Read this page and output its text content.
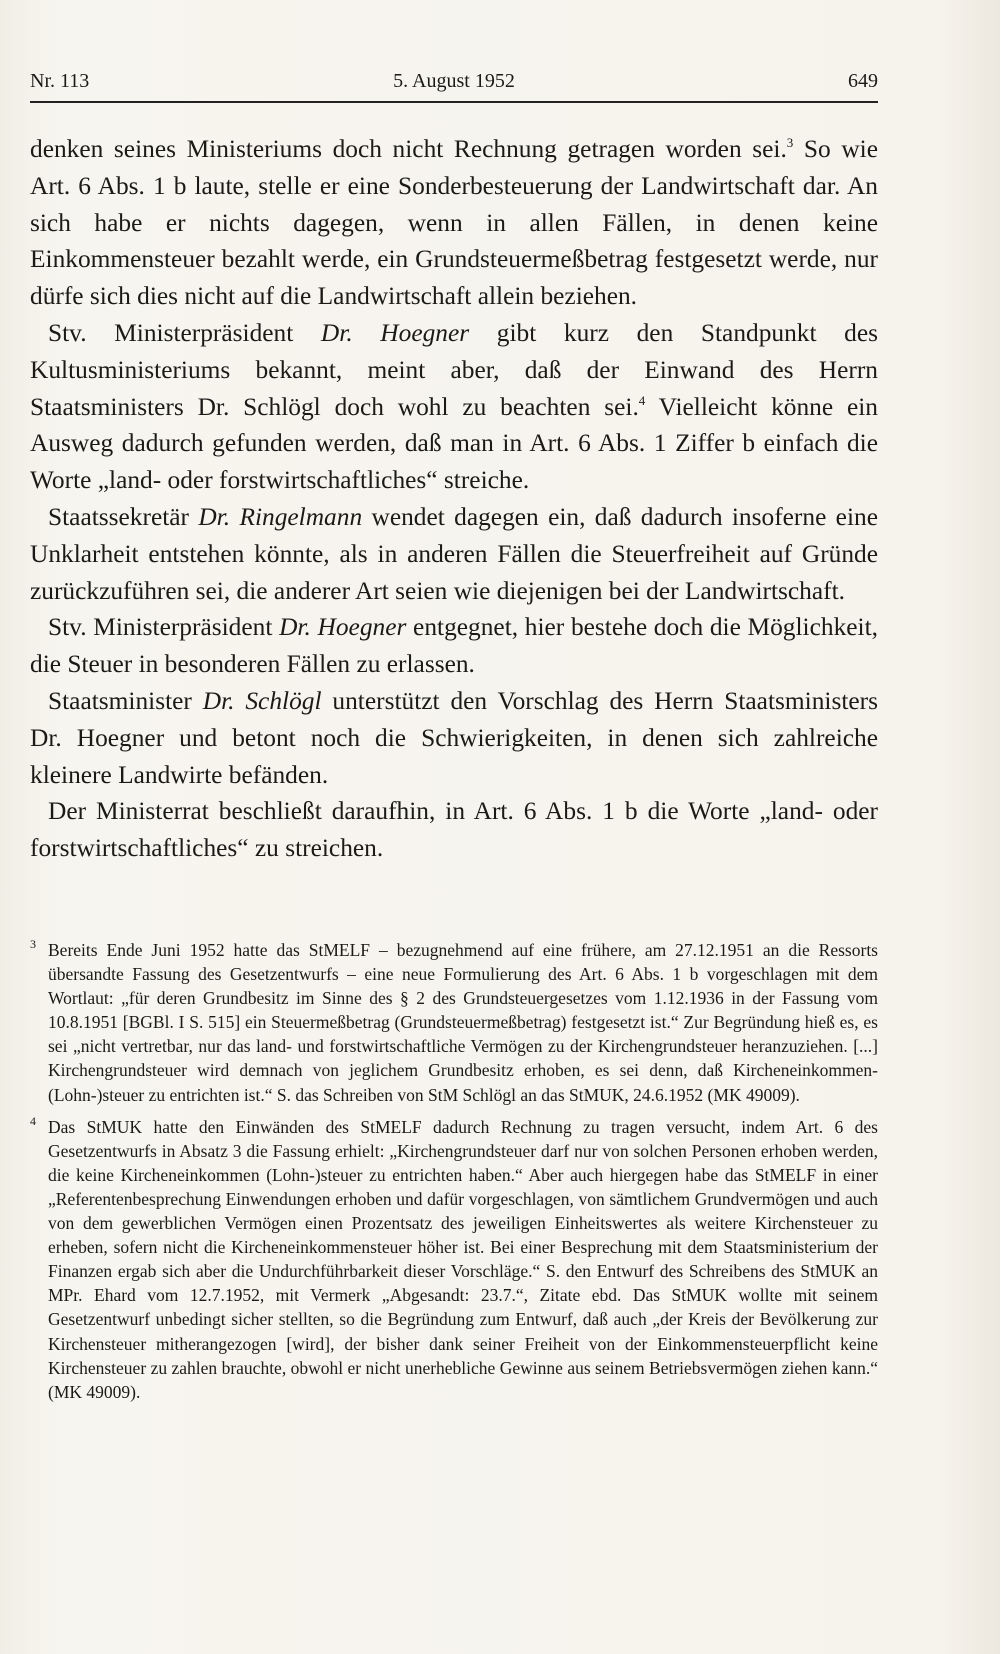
Nr. 113	5. August 1952	649

denken seines Ministeriums doch nicht Rechnung getragen worden sei.$^3$ So wie Art. 6 Abs. 1 b laute, stelle er eine Sonderbesteuerung der Landwirtschaft dar. An sich habe er nichts dagegen, wenn in allen Fällen, in denen keine Einkommensteuer bezahlt werde, ein Grundsteuermeßbetrag festgesetzt werde, nur dürfe sich dies nicht auf die Landwirtschaft allein beziehen.

Stv. Ministerpräsident Dr. Hoegner gibt kurz den Standpunkt des Kultusministeriums bekannt, meint aber, daß der Einwand des Herrn Staatsministers Dr. Schlögl doch wohl zu beachten sei.$^4$ Vielleicht könne ein Ausweg dadurch gefunden werden, daß man in Art. 6 Abs. 1 Ziffer b einfach die Worte „land- oder forstwirtschaftliches“ streiche.

Staatssekretär Dr. Ringelmann wendet dagegen ein, daß dadurch insoferne eine Unklarheit entstehen könnte, als in anderen Fällen die Steuerfreiheit auf Gründe zurückzuführen sei, die anderer Art seien wie diejenigen bei der Landwirtschaft.

Stv. Ministerpräsident Dr. Hoegner entgegnet, hier bestehe doch die Möglichkeit, die Steuer in besonderen Fällen zu erlassen.

Staatsminister Dr. Schlögl unterstützt den Vorschlag des Herrn Staatsministers Dr. Hoegner und betont noch die Schwierigkeiten, in denen sich zahlreiche kleinere Landwirte befänden.

Der Ministerrat beschließt daraufhin, in Art. 6 Abs. 1 b die Worte „land- oder forstwirtschaftliches“ zu streichen.

3 Bereits Ende Juni 1952 hatte das StMELF – bezugnehmend auf eine frühere, am 27.12.1951 an die Ressorts übersandte Fassung des Gesetzentwurfs – eine neue Formulierung des Art. 6 Abs. 1 b vorgeschlagen mit dem Wortlaut: „für deren Grundbesitz im Sinne des § 2 des Grundsteuergesetzes vom 1.12.1936 in der Fassung vom 10.8.1951 [BGBl. I S. 515] ein Steuermeßbetrag (Grundsteuermeßbetrag) festgesetzt ist.“ Zur Begründung hieß es, es sei „nicht vertretbar, nur das land- und forstwirtschaftliche Vermögen zu der Kirchengrundsteuer heranzuziehen. [...] Kirchengrundsteuer wird demnach von jeglichem Grundbesitz erhoben, es sei denn, daß Kircheneinkommen- (Lohn-)steuer zu entrichten ist.“ S. das Schreiben von StM Schlögl an das StMUK, 24.6.1952 (MK 49009).
4 Das StMUK hatte den Einwänden des StMELF dadurch Rechnung zu tragen versucht, indem Art. 6 des Gesetzentwurfs in Absatz 3 die Fassung erhielt: „Kirchengrundsteuer darf nur von solchen Personen erhoben werden, die keine Kircheneinkommen (Lohn-)steuer zu entrichten haben.“ Aber auch hiergegen habe das StMELF in einer „Referentenbesprechung Einwendungen erhoben und dafür vorgeschlagen, von sämtlichem Grundvermögen und auch von dem gewerblichen Vermögen einen Prozentsatz des jeweiligen Einheitswertes als weitere Kirchensteuer zu erheben, sofern nicht die Kircheneinkommensteuer höher ist. Bei einer Besprechung mit dem Staatsministerium der Finanzen ergab sich aber die Undurchführbarkeit dieser Vorschläge.“ S. den Entwurf des Schreibens des StMUK an MPr. Ehard vom 12.7.1952, mit Vermerk „Abgesandt: 23.7.“, Zitate ebd. Das StMUK wollte mit seinem Gesetzentwurf unbedingt sicher stellten, so die Begründung zum Entwurf, daß auch „der Kreis der Bevölkerung zur Kirchensteuer mitherangezogen [wird], der bisher dank seiner Freiheit von der Einkommensteuerpflicht keine Kirchensteuer zu zahlen brauchte, obwohl er nicht unerhebliche Gewinne aus seinem Betriebsvermögen ziehen kann.“ (MK 49009).
